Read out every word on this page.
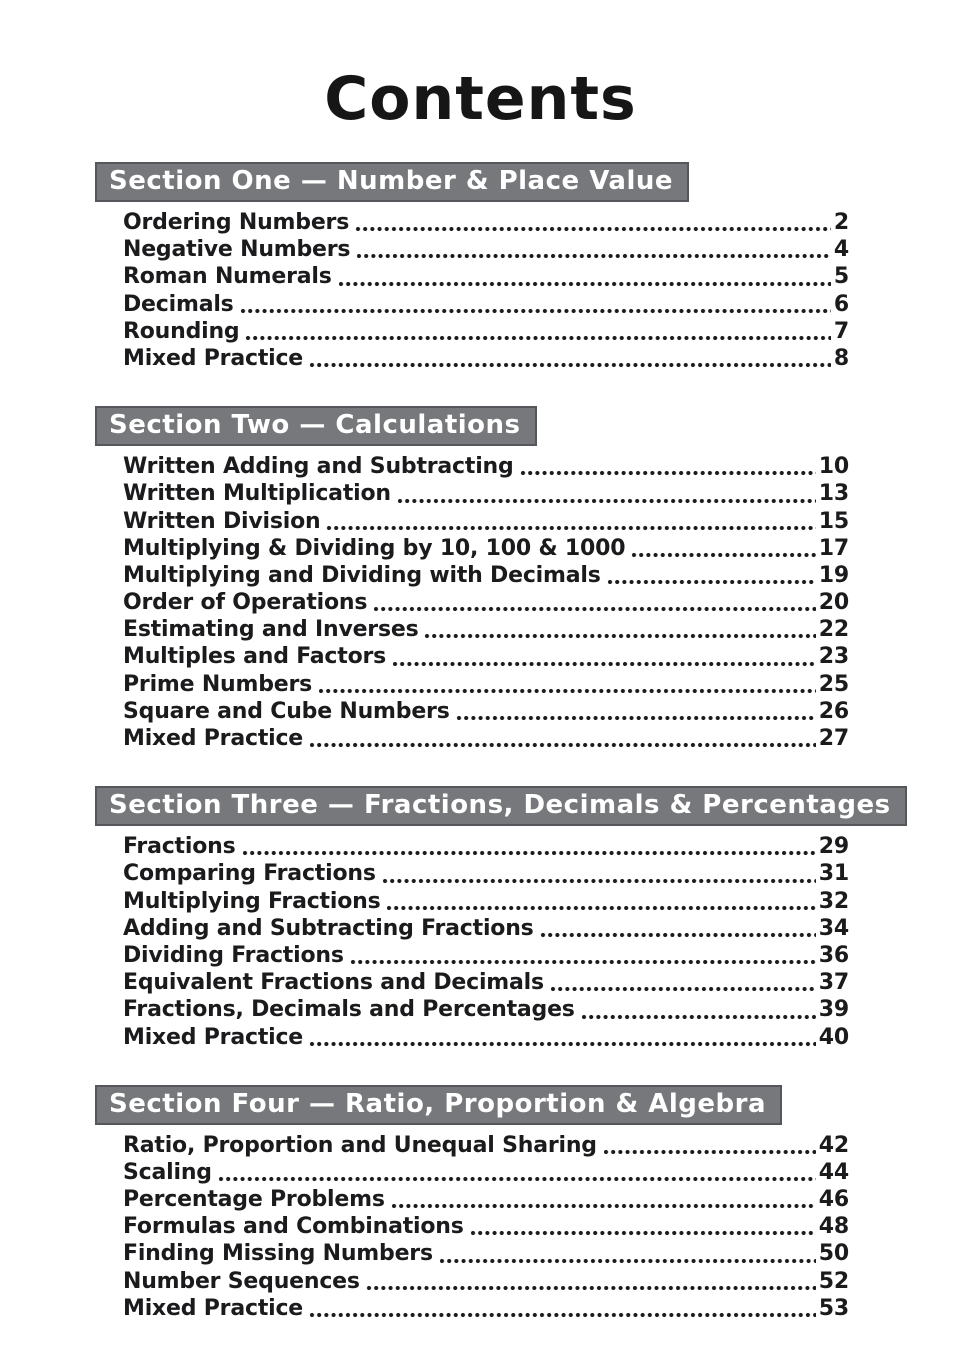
Contents
Section One — Number & Place Value
Ordering Numbers	2
Negative Numbers	4
Roman Numerals	5
Decimals	6
Rounding	7
Mixed Practice	8
Section Two — Calculations
Written Adding and Subtracting	10
Written Multiplication	13
Written Division	15
Multiplying & Dividing by 10, 100 & 1000	17
Multiplying and Dividing with Decimals	19
Order of Operations	20
Estimating and Inverses	22
Multiples and Factors	23
Prime Numbers	25
Square and Cube Numbers	26
Mixed Practice	27
Section Three — Fractions, Decimals & Percentages
Fractions	29
Comparing Fractions	31
Multiplying Fractions	32
Adding and Subtracting Fractions	34
Dividing Fractions	36
Equivalent Fractions and Decimals	37
Fractions, Decimals and Percentages	39
Mixed Practice	40
Section Four — Ratio, Proportion & Algebra
Ratio, Proportion and Unequal Sharing	42
Scaling	44
Percentage Problems	46
Formulas and Combinations	48
Finding Missing Numbers	50
Number Sequences	52
Mixed Practice	53
